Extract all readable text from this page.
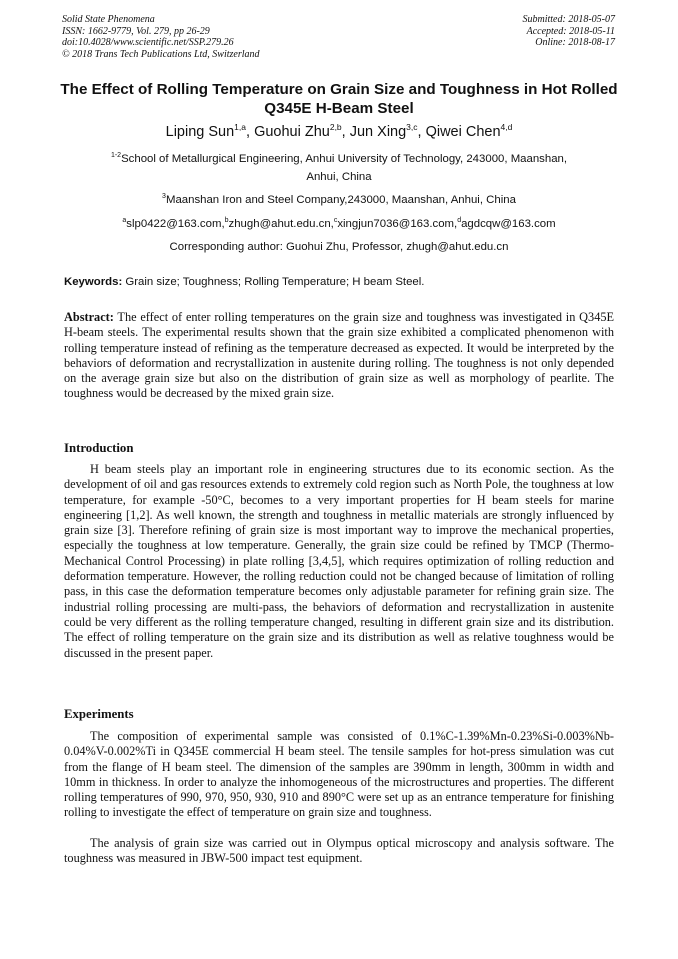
Solid State Phenomena
ISSN: 1662-9779, Vol. 279, pp 26-29
doi:10.4028/www.scientific.net/SSP.279.26
© 2018 Trans Tech Publications Ltd, Switzerland
Submitted: 2018-05-07
Accepted: 2018-05-11
Online: 2018-08-17
The Effect of Rolling Temperature on Grain Size and Toughness in Hot Rolled Q345E H-Beam Steel
Liping Sun$^{1,a}$, Guohui Zhu$^{2,b}$, Jun Xing$^{3,c}$, Qiwei Chen$^{4,d}$
$^{1-2}$School of Metallurgical Engineering, Anhui University of Technology, 243000, Maanshan,
Anhui, China
$^3$Maanshan Iron and Steel Company,243000, Maanshan, Anhui, China
$^a$slp0422@163.com,$^b$zhugh@ahut.edu.cn,$^c$xingjun7036@163.com,$^d$agdcqw@163.com
Corresponding author: Guohui Zhu, Professor, zhugh@ahut.edu.cn
Keywords: Grain size; Toughness; Rolling Temperature; H beam Steel.
Abstract: The effect of enter rolling temperatures on the grain size and toughness was investigated in Q345E H-beam steels. The experimental results shown that the grain size exhibited a complicated phenomenon with rolling temperature instead of refining as the temperature decreased as expected. It would be interpreted by the behaviors of deformation and recrystallization in austenite during rolling. The toughness is not only depended on the average grain size but also on the distribution of grain size as well as morphology of pearlite. The toughness would be decreased by the mixed grain size.
Introduction
H beam steels play an important role in engineering structures due to its economic section. As the development of oil and gas resources extends to extremely cold region such as North Pole, the toughness at low temperature, for example -50°C, becomes to a very important properties for H beam steels for marine engineering [1,2]. As well known, the strength and toughness in metallic materials are strongly influenced by grain size [3]. Therefore refining of grain size is most important way to improve the mechanical properties, especially the toughness at low temperature. Generally, the grain size could be refined by TMCP (Thermo-Mechanical Control Processing) in plate rolling [3,4,5], which requires optimization of rolling reduction and deformation temperature. However, the rolling reduction could not be changed because of limitation of rolling pass, in this case the deformation temperature becomes only adjustable parameter for refining grain size. The industrial rolling processing are multi-pass, the behaviors of deformation and recrystallization in austenite could be very different as the rolling temperature changed, resulting in different grain size and its distribution. The effect of rolling temperature on the grain size and its distribution as well as relative toughness would be discussed in the present paper.
Experiments
The composition of experimental sample was consisted of 0.1%C-1.39%Mn-0.23%Si-0.003%Nb-0.04%V-0.002%Ti in Q345E commercial H beam steel. The tensile samples for hot-press simulation was cut from the flange of H beam steel. The dimension of the samples are 390mm in length, 300mm in width and 10mm in thickness. In order to analyze the inhomogeneous of the microstructures and properties. The different rolling temperatures of 990, 970, 950, 930, 910 and 890°C were set up as an entrance temperature for finishing rolling to investigate the effect of temperature on grain size and toughness.
The analysis of grain size was carried out in Olympus optical microscopy and analysis software. The toughness was measured in JBW-500 impact test equipment.
